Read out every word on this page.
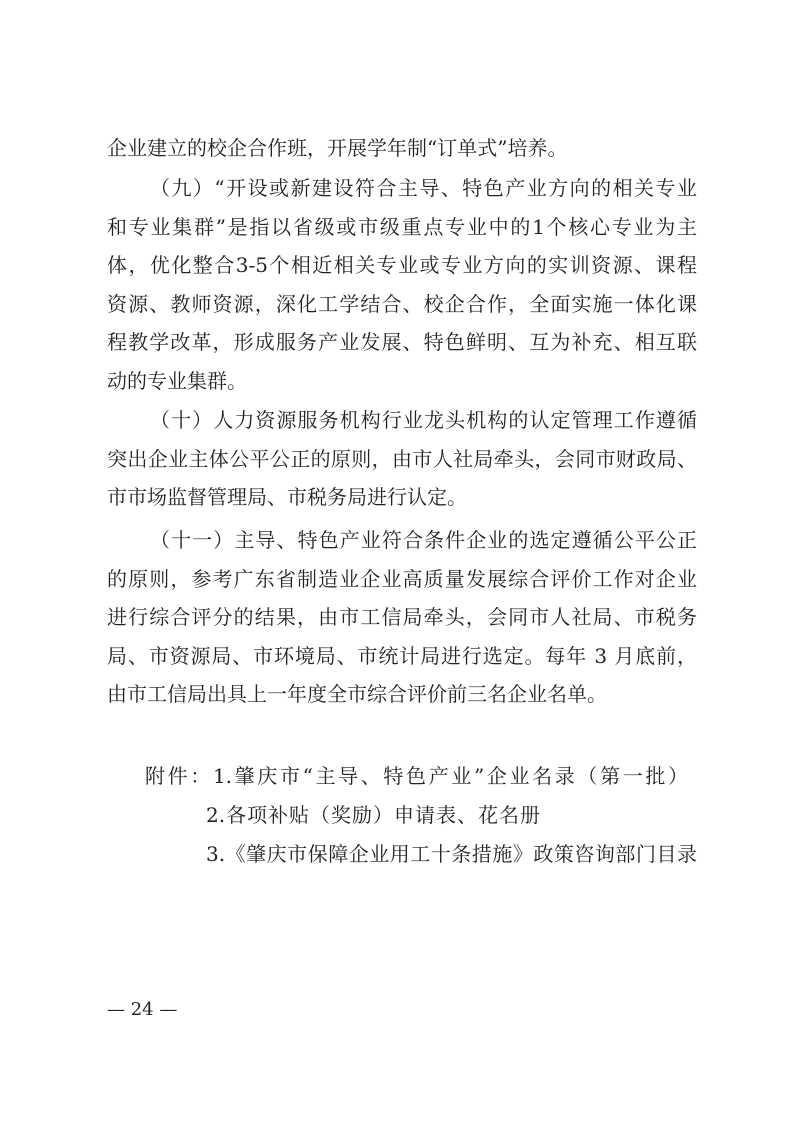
企业建立的校企合作班，开展学年制“订单式”培养。
（九）“开设或新建设符合主导、特色产业方向的相关专业
和专业集群”是指以省级或市级重点专业中的1个核心专业为主
体，优化整合3-5个相近相关专业或专业方向的实训资源、课程
资源、教师资源，深化工学结合、校企合作，全面实施一体化课
程教学改革，形成服务产业发展、特色鲜明、互为补充、相互联
动的专业集群。
（十）人力资源服务机构行业龙头机构的认定管理工作遵循
突出企业主体公平公正的原则，由市人社局牵头，会同市财政局、
市市场监督管理局、市税务局进行认定。
（十一）主导、特色产业符合条件企业的选定遵循公平公正
的原则，参考广东省制造业企业高质量发展综合评价工作对企业
进行综合评分的结果，由市工信局牵头，会同市人社局、市税务
局、市资源局、市环境局、市统计局进行选定。每年 3 月底前，
由市工信局出具上一年度全市综合评价前三名企业名单。
附件：1.肇庆市“主导、特色产业”企业名录（第一批）
2.各项补贴（奖励）申请表、花名册
3.《肇庆市保障企业用工十条措施》政策咨询部门目录
— 24 —
